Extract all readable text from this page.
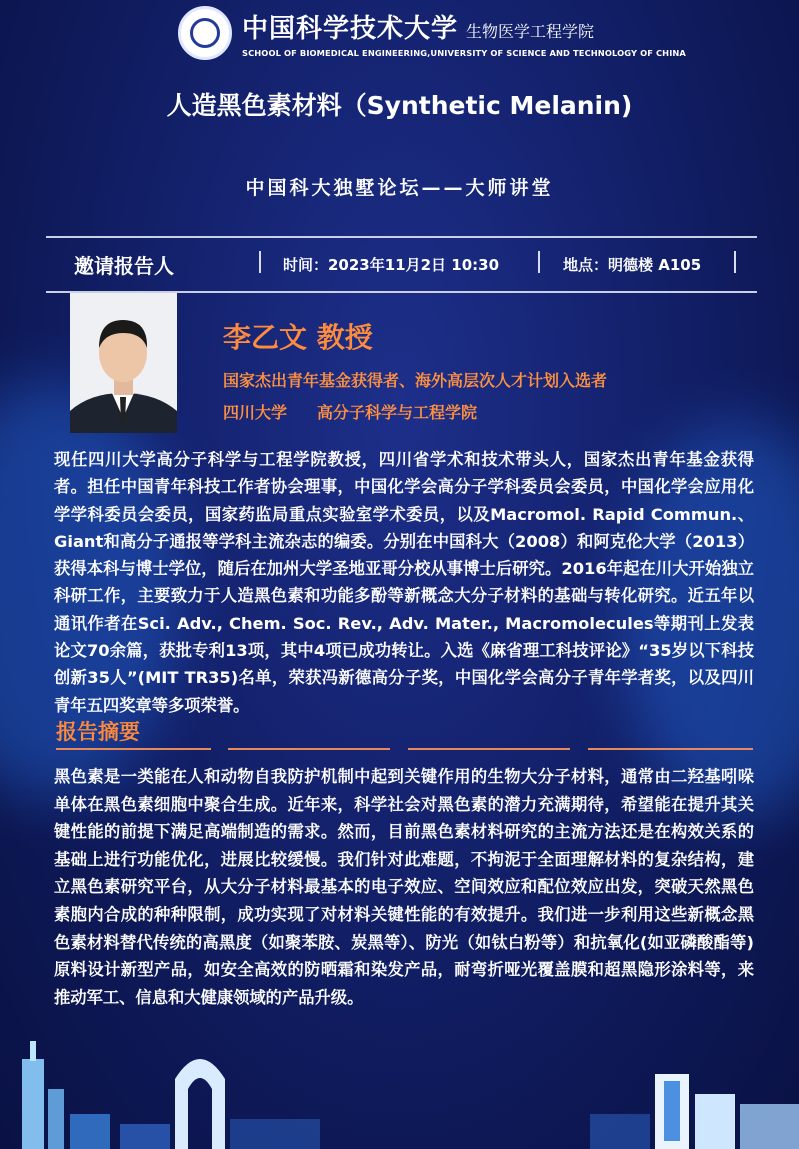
中国科学技术大学 生物医学工程学院
SCHOOL OF BIOMEDICAL ENGINEERING,UNIVERSITY OF SCIENCE AND TECHNOLOGY OF CHINA
人造黑色素材料（Synthetic Melanin)
中国科大独墅论坛——大师讲堂
邀请报告人	时间：2023年11月2日 10:30	地点：明德楼 A105
李乙文 教授
国家杰出青年基金获得者、海外高层次人才计划入选者
四川大学 高分子科学与工程学院
现任四川大学高分子科学与工程学院教授，四川省学术和技术带头人，国家杰出青年基金获得者。担任中国青年科技工作者协会理事，中国化学会高分子学科委员会委员，中国化学会应用化学学科委员会委员，国家药监局重点实验室学术委员，以及Macromol. Rapid Commun.、Giant和高分子通报等学科主流杂志的编委。分别在中国科大（2008）和阿克伦大学（2013）获得本科与博士学位，随后在加州大学圣地亚哥分校从事博士后研究。2016年起在川大开始独立科研工作，主要致力于人造黑色素和功能多酚等新概念大分子材料的基础与转化研究。近五年以通讯作者在Sci. Adv., Chem. Soc. Rev., Adv. Mater., Macromolecules等期刊上发表论文70余篇，获批专利13项，其中4项已成功转让。入选《麻省理工科技评论》“35岁以下科技创新35人”(MIT TR35)名单，荣获冯新德高分子奖，中国化学会高分子青年学者奖，以及四川青年五四奖章等多项荣誉。
报告摘要
黑色素是一类能在人和动物自我防护机制中起到关键作用的生物大分子材料，通常由二羟基吲哚单体在黑色素细胞中聚合生成。近年来，科学社会对黑色素的潜力充满期待，希望能在提升其关键性能的前提下满足高端制造的需求。然而，目前黑色素材料研究的主流方法还是在构效关系的基础上进行功能优化，进展比较缓慢。我们针对此难题，不拘泥于全面理解材料的复杂结构，建立黑色素研究平台，从大分子材料最基本的电子效应、空间效应和配位效应出发，突破天然黑色素胞内合成的种种限制，成功实现了对材料关键性能的有效提升。我们进一步利用这些新概念黑色素材料替代传统的高黑度（如聚苯胺、炭黑等）、防光（如钛白粉等）和抗氧化(如亚磷酸酯等)原料设计新型产品，如安全高效的防晒霜和染发产品，耐弯折哑光覆盖膜和超黑隐形涂料等，来推动军工、信息和大健康领域的产品升级。
